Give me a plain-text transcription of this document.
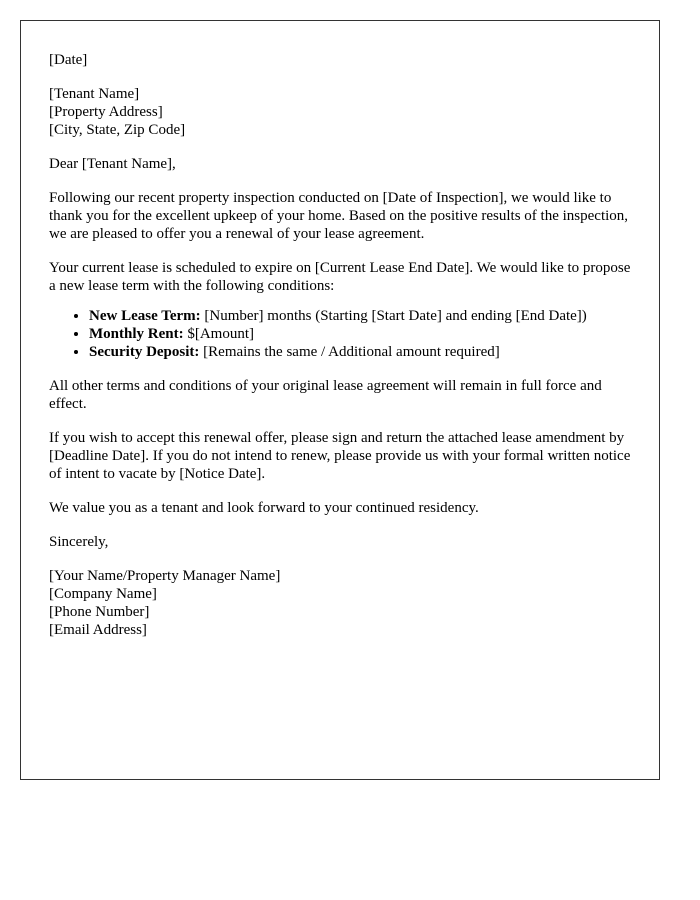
[Date]

[Tenant Name]

[Property Address]

[City, State, Zip Code]

Dear [Tenant Name],

Following our recent property inspection conducted on [Date of Inspection], we would like to thank you for the excellent upkeep of your home. Based on the positive results of the inspection, we are pleased to offer you a renewal of your lease agreement.

Your current lease is scheduled to expire on [Current Lease End Date]. We would like to propose a new lease term with the following conditions:

• New Lease Term: [Number] months (Starting [Start Date] and ending [End Date])
• Monthly Rent: $[Amount]
• Security Deposit: [Remains the same / Additional amount required]

All other terms and conditions of your original lease agreement will remain in full force and effect.

If you wish to accept this renewal offer, please sign and return the attached lease amendment by [Deadline Date]. If you do not intend to renew, please provide us with your formal written notice of intent to vacate by [Notice Date].

We value you as a tenant and look forward to your continued residency.

Sincerely,

[Your Name/Property Manager Name]

[Company Name]

[Phone Number]

[Email Address]
